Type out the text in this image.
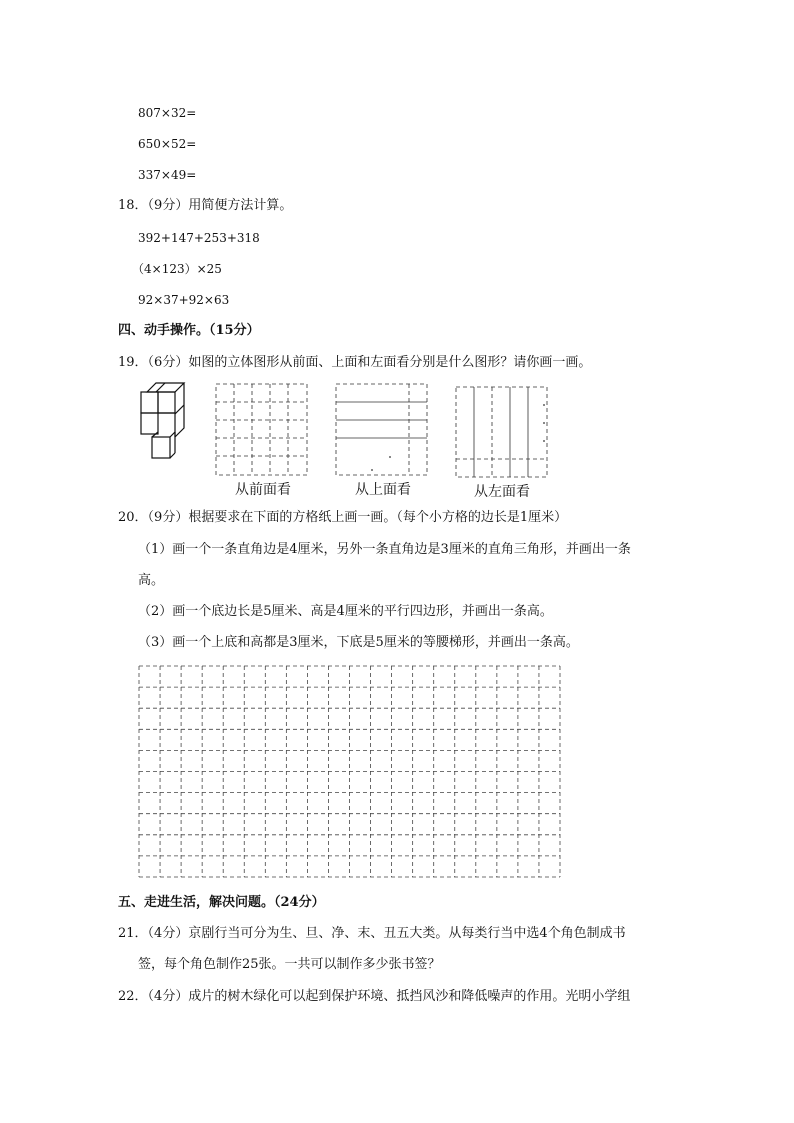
807×32=
650×52=
337×49=
18．（9分）用简便方法计算。
392+147+253+318
（4×123）×25
92×37+92×63
四、动手操作。（15分）
19．（6分）如图的立体图形从前面、上面和左面看分别是什么图形？请你画一画。
从前面看	从上面看	从左面看
20．（9分）根据要求在下面的方格纸上画一画。（每个小方格的边长是1厘米）
（1）画一个一条直角边是4厘米，另外一条直角边是3厘米的直角三角形，并画出一条
高。
（2）画一个底边长是5厘米、高是4厘米的平行四边形，并画出一条高。
（3）画一个上底和高都是3厘米，下底是5厘米的等腰梯形，并画出一条高。
五、走进生活，解决问题。（24分）
21．（4分）京剧行当可分为生、旦、净、末、丑五大类。从每类行当中选4个角色制成书
签，每个角色制作25张。一共可以制作多少张书签？
22．（4分）成片的树木绿化可以起到保护环境、抵挡风沙和降低噪声的作用。光明小学组
